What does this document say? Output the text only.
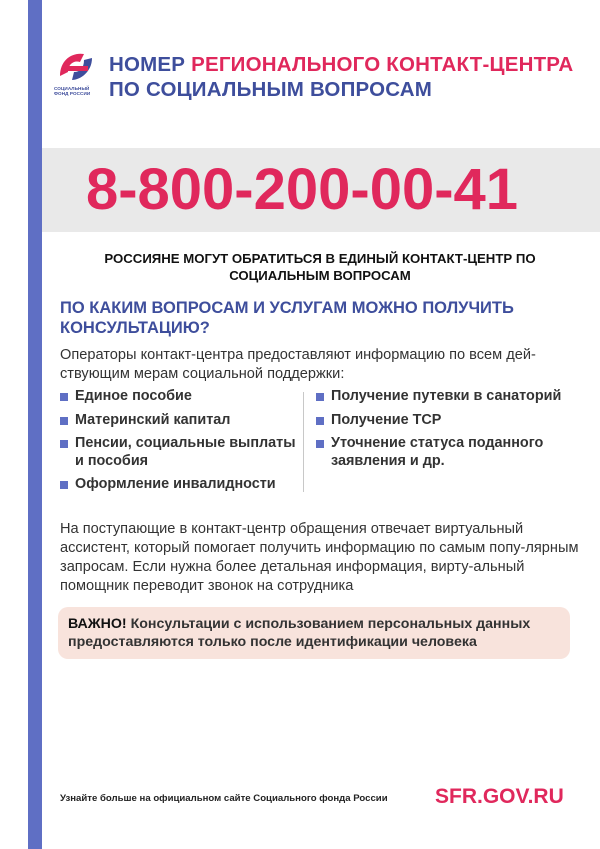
СОЦИАЛЬНЫЙ ФОНД РОССИИ
НОМЕР РЕГИОНАЛЬНОГО КОНТАКТ-ЦЕНТРА
ПО СОЦИАЛЬНЫМ ВОПРОСАМ
8-800-200-00-41
РОССИЯНЕ МОГУТ ОБРАТИТЬСЯ В ЕДИНЫЙ КОНТАКТ-ЦЕНТР ПО СОЦИАЛЬНЫМ ВОПРОСАМ
ПО КАКИМ ВОПРОСАМ И УСЛУГАМ МОЖНО ПОЛУЧИТЬ КОНСУЛЬТАЦИЮ?
Операторы контакт-центра предоставляют информацию по всем дей-ствующим мерам социальной поддержки:
Единое пособие
Материнский капитал
Пенсии, социальные выплаты и пособия
Оформление инвалидности
Получение путевки в санаторий
Получение ТСР
Уточнение статуса поданного заявления и др.
На поступающие в контакт-центр обращения отвечает виртуальный ассистент, который помогает получить информацию по самым попу-лярным запросам. Если нужна более детальная информация, вирту-альный помощник переводит звонок на сотрудника
ВАЖНО! Консультации с использованием персональных данных предоставляются только после идентификации человека
Узнайте больше на официальном сайте Социального фонда России SFR.GOV.RU
